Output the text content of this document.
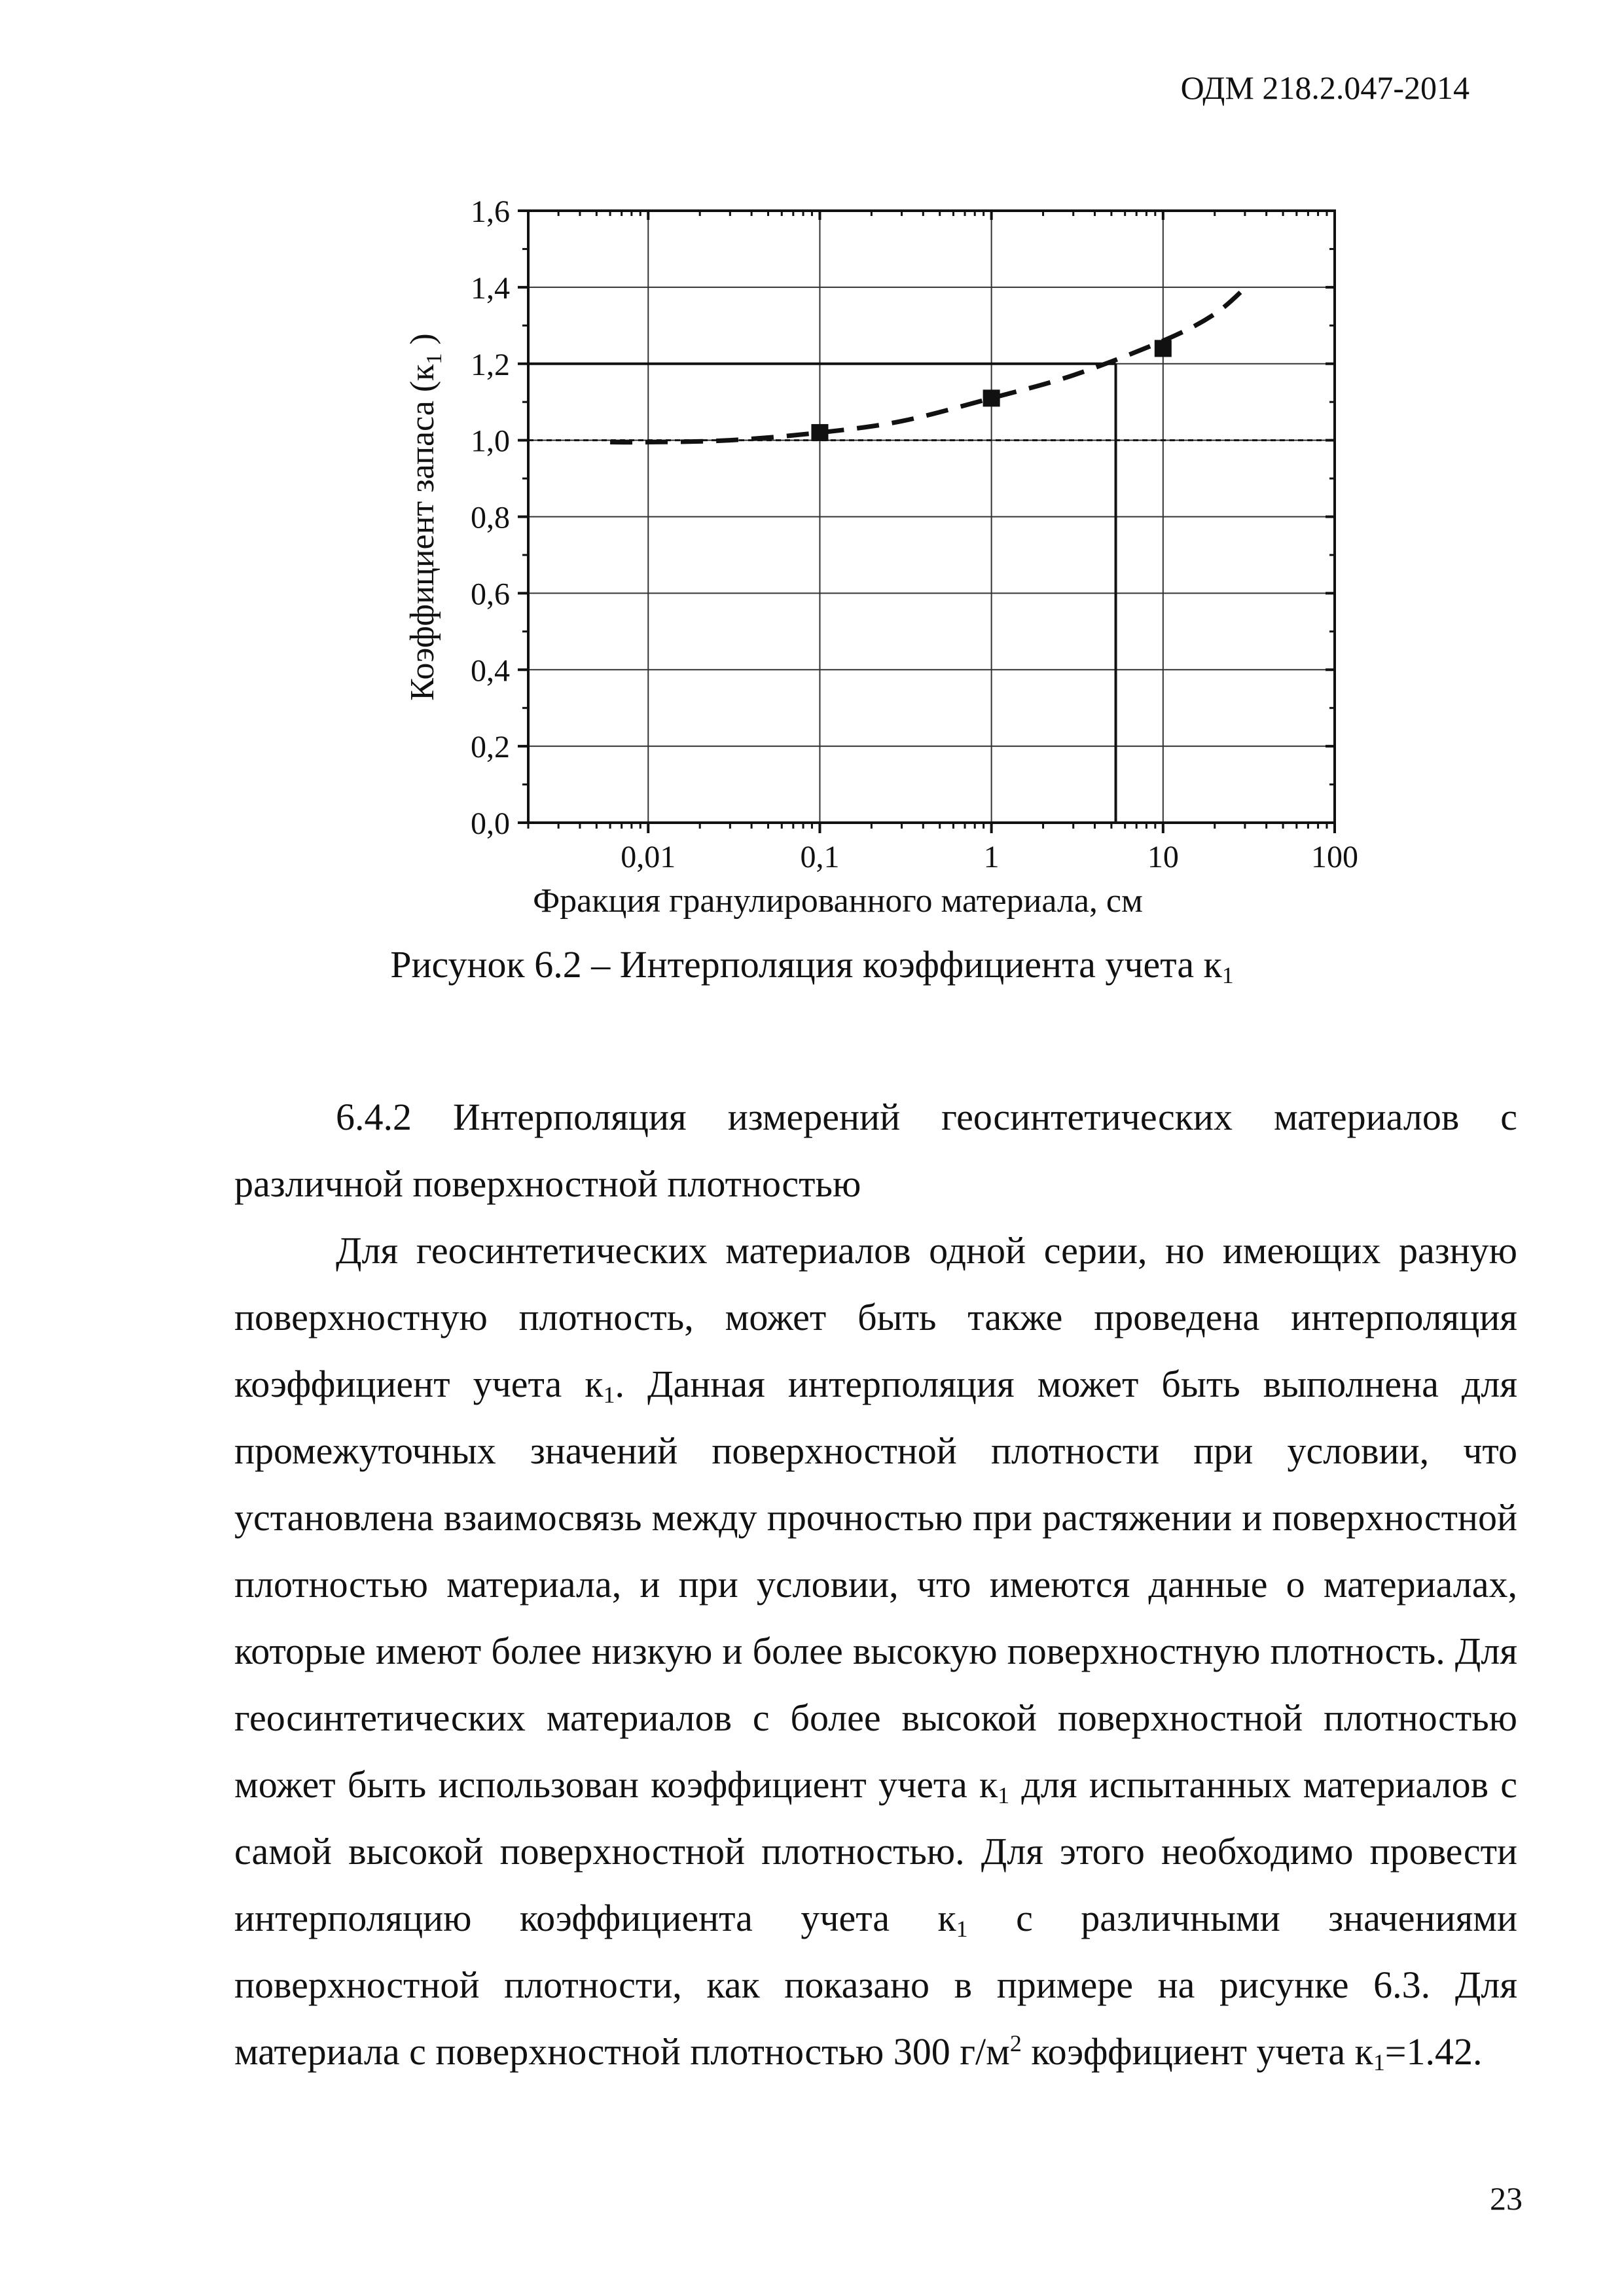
ОДМ 218.2.047-2014
0,0
0,2
0,4
0,6
0,8
1,0
1,2
1,4
1,6
0,01	0,1	1	10	100
Фракция гранулированного материала, см
Коэффициент запаса ($к_1$ )
Рисунок 6.2 – Интерполяция коэффициента учета $к_1$
6.4.2 Интерполяция измерений геосинтетических материалов с различной поверхностной плотностью
Для геосинтетических материалов одной серии, но имеющих разную поверхностную плотность, может быть также проведена интерполяция коэффициент учета $к_1$. Данная интерполяция может быть выполнена для промежуточных значений поверхностной плотности при условии, что установлена взаимосвязь между прочностью при растяжении и поверхностной плотностью материала, и при условии, что имеются данные о материалах, которые имеют более низкую и более высокую поверхностную плотность. Для геосинтетических материалов с более высокой поверхностной плотностью может быть использован коэффициент учета $к_1$ для испытанных материалов с самой высокой поверхностной плотностью. Для этого необходимо провести интерполяцию коэффициента учета $к_1$ с различными значениями поверхностной плотности, как показано в примере на рисунке 6.3. Для материала с поверхностной плотностью 300 $г/м^2$ коэффициент учета $к_1=1.42$.
23
